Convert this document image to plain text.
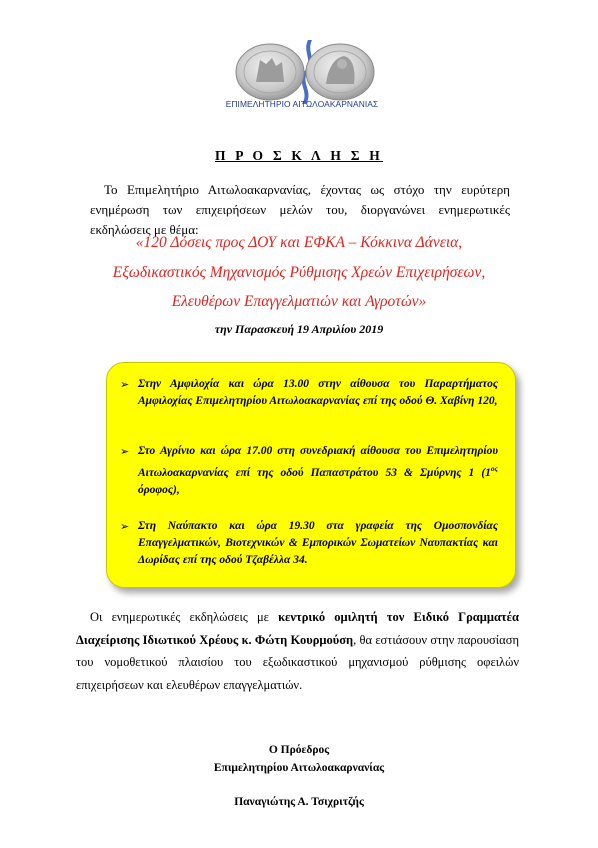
ΕΠΙΜΕΛΗΤΗΡΙΟ ΑΙΤΩΛΟΑΚΑΡΝΑΝΙΑΣ
Π Ρ Ο Σ Κ Λ Η Σ Η
Το Επιμελητήριο Αιτωλοακαρνανίας, έχοντας ως στόχο την ευρύτερη ενημέρωση των επιχειρήσεων μελών του, διοργανώνει ενημερωτικές εκδηλώσεις με θέμα:
«120 Δόσεις προς ΔΟΥ και ΕΦΚΑ – Κόκκινα Δάνεια,
Εξωδικαστικός Μηχανισμός Ρύθμισης Χρεών Επιχειρήσεων,
Ελευθέρων Επαγγελματιών και Αγροτών»
την Παρασκευή 19 Απριλίου 2019
➢ Στην Αμφιλοχία και ώρα 13.00 στην αίθουσα του Παραρτήματος Αμφιλοχίας Επιμελητηρίου Αιτωλοακαρνανίας επί της οδού Θ. Χαβίνη 120,
➢ Στο Αγρίνιο και ώρα 17.00 στη συνεδριακή αίθουσα του Επιμελητηρίου Αιτωλοακαρνανίας επί της οδού Παπαστράτου 53 & Σμύρνης 1 ($1^{o\varsigma}$ όροφος),
➢ Στη Ναύπακτο και ώρα 19.30 στα γραφεία της Ομοσπονδίας Επαγγελματικών, Βιοτεχνικών & Εμπορικών Σωματείων Ναυπακτίας και Δωρίδας επί της οδού Τζαβέλλα 34.
Οι ενημερωτικές εκδηλώσεις με κεντρικό ομιλητή τον Ειδικό Γραμματέα Διαχείρισης Ιδιωτικού Χρέους κ. Φώτη Κουρμούση, θα εστιάσουν στην παρουσίαση του νομοθετικού πλαισίου του εξωδικαστικού μηχανισμού ρύθμισης οφειλών επιχειρήσεων και ελευθέρων επαγγελματιών.
Ο Πρόεδρος
Επιμελητηρίου Αιτωλοακαρνανίας
Παναγιώτης Α. Τσιχριτζής
